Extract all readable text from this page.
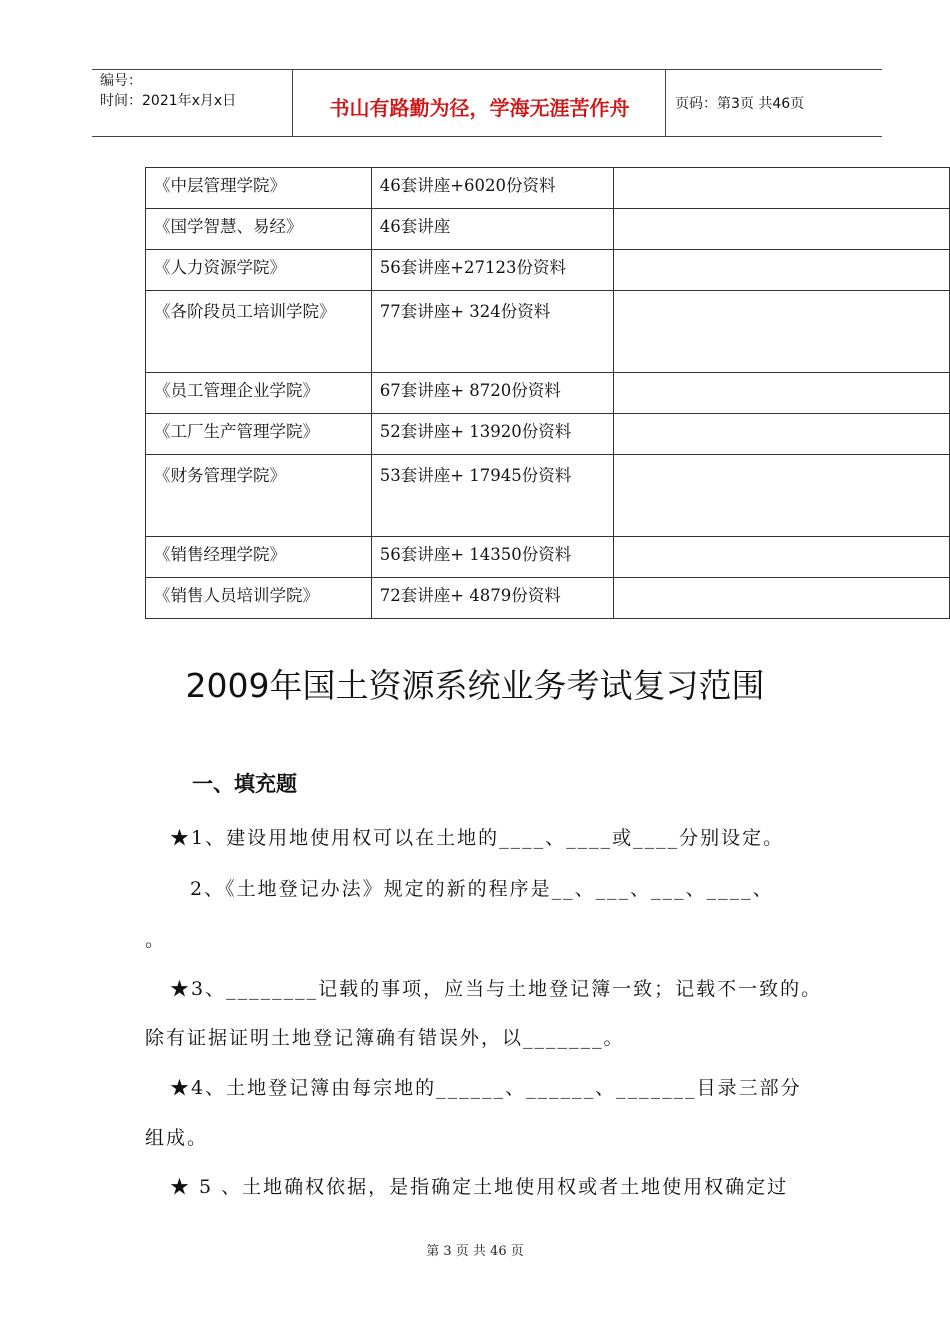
编号：
时间：2021年x月x日	书山有路勤为径，学海无涯苦作舟	页码：第3页 共46页
《中层管理学院》	46套讲座+6020份资料	
《国学智慧、易经》	46套讲座	
《人力资源学院》	56套讲座+27123份资料	
《各阶段员工培训学院》	77套讲座+ 324份资料	
《员工管理企业学院》	67套讲座+ 8720份资料	
《工厂生产管理学院》	52套讲座+ 13920份资料	
《财务管理学院》	53套讲座+ 17945份资料	
《销售经理学院》	56套讲座+ 14350份资料	
《销售人员培训学院》	72套讲座+ 4879份资料	
2009年国土资源系统业务考试复习范围
一、填充题
★1、建设用地使用权可以在土地的____、____或____分别设定。
2、《土地登记办法》规定的新的程序是__、___、___、____、
。
★3、________记载的事项，应当与土地登记簿一致；记载不一致的。
除有证据证明土地登记簿确有错误外，以_______。
★4、土地登记簿由每宗地的______、______、_______目录三部分
组成。
★ 5 、土地确权依据，是指确定土地使用权或者土地使用权确定过
第 3 页 共 46 页
